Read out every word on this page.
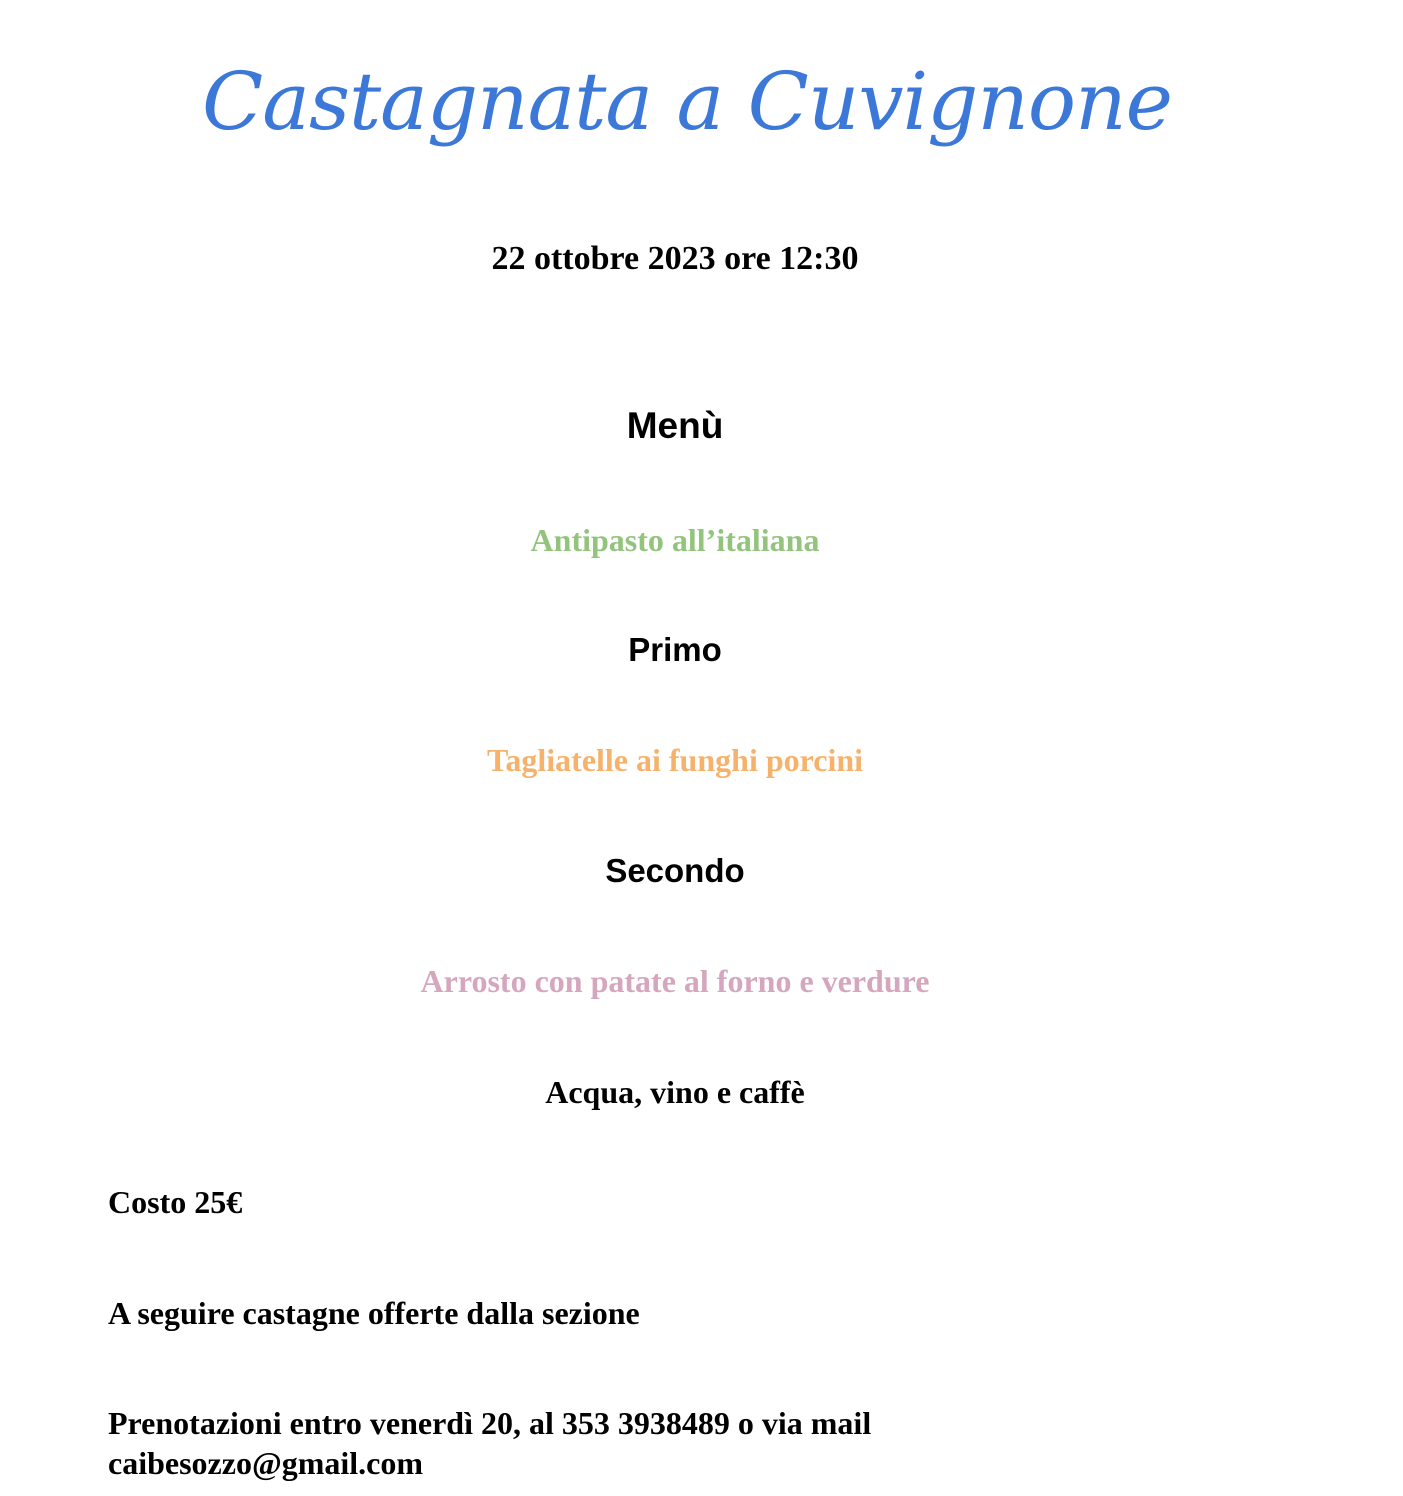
Castagnata a Cuvignone
22 ottobre 2023 ore 12:30
Menù
Antipasto all’italiana
Primo
Tagliatelle ai funghi porcini
Secondo
Arrosto con patate al forno e verdure
Acqua, vino e caffè
Costo 25€
A seguire castagne offerte dalla sezione
Prenotazioni entro venerdì 20, al 353 3938489 o via mail
caibesozzo@gmail.com
